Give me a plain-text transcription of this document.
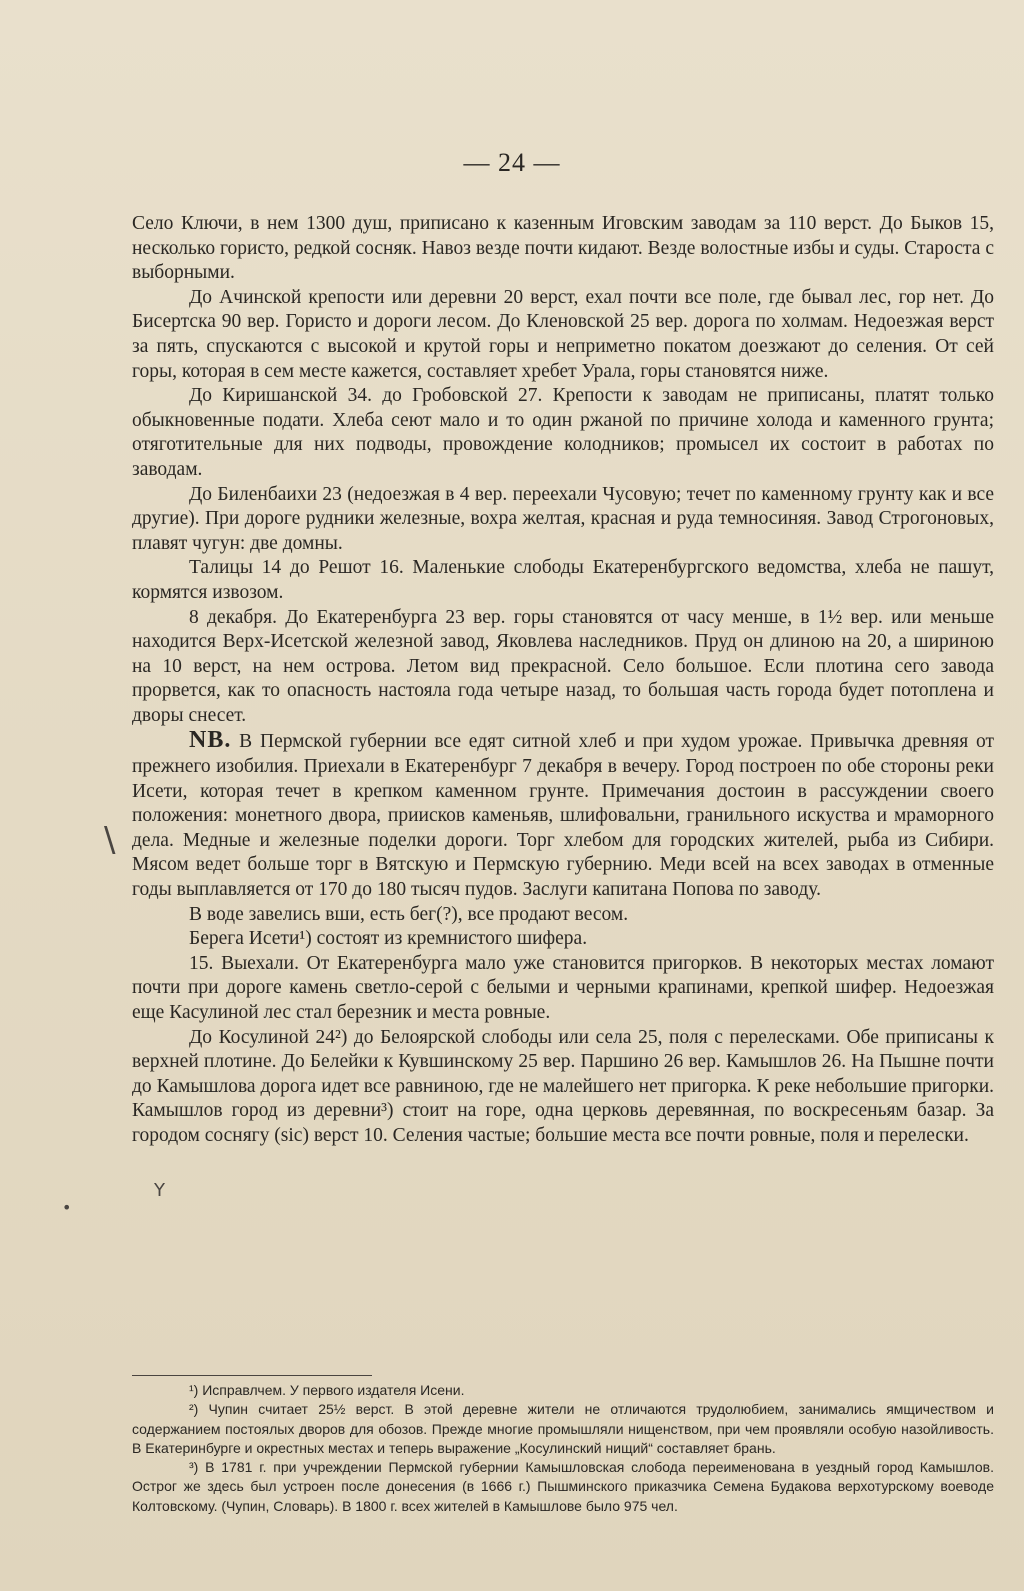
— 24 —

Село Ключи, в нем 1300 душ, приписано к казенным Иговским заводам за 110 верст. До Быков 15, несколько гористо, редкой сосняк. Навоз везде почти кидают. Везде волостные избы и суды. Староста с выборными.

До Ачинской крепости или деревни 20 верст, ехал почти все поле, где бывал лес, гор нет. До Бисертска 90 вер. Гористо и дороги лесом. До Кленовской 25 вер. дорога по холмам. Недоезжая верст за пять, спускаются с высокой и крутой горы и неприметно покатом доезжают до селения. От сей горы, которая в сем месте кажется, составляет хребет Урала, горы становятся ниже.

До Киришанской 34. до Гробовской 27. Крепости к заводам не приписаны, платят только обыкновенные подати. Хлеба сеют мало и то один ржаной по причине холода и каменного грунта; отяготительные для них подводы, провождение колодников; промысел их состоит в работах по заводам.

До Биленбаихи 23 (недоезжая в 4 вер. переехали Чусовую; течет по каменному грунту как и все другие). При дороге рудники железные, вохра желтая, красная и руда темносиняя. Завод Строгоновых, плавят чугун: две домны.

Талицы 14 до Решот 16. Маленькие слободы Екатеренбургского ведомства, хлеба не пашут, кормятся извозом.

8 декабря. До Екатеренбурга 23 вер. горы становятся от часу менше, в 1½ вер. или меньше находится Верх-Исетской железной завод, Яковлева наследников. Пруд он длиною на 20, а шириною на 10 верст, на нем острова. Летом вид прекрасной. Село большое. Если плотина сего завода прорвется, как то опасность настояла года четыре назад, то большая часть города будет потоплена и дворы снесет.

NB. В Пермской губернии все едят ситной хлеб и при худом урожае. Привычка древняя от прежнего изобилия. Приехали в Екатеренбург 7 декабря в вечеру. Город построен по обе стороны реки Исети, которая течет в крепком каменном грунте. Примечания достоин в рассуждении своего положения: монетного двора, приисков каменьяв, шлифовальни, гранильного искуства и мраморного дела. Медные и железные поделки дороги. Торг хлебом для городских жителей, рыба из Сибири. Мясом ведет больше торг в Вятскую и Пермскую губернию. Меди всей на всех заводах в отменные годы выплавляется от 170 до 180 тысяч пудов. Заслуги капитана Попова по заводу.

В воде завелись вши, есть бег(?), все продают весом.

Берега Исети¹) состоят из кремнистого шифера.

15. Выехали. От Екатеренбурга мало уже становится пригорков. В некоторых местах ломают почти при дороге камень светло-серой с белыми и черными крапинами, крепкой шифер. Недоезжая еще Касулиной лес стал березник и места ровные.

До Косулиной 24²) до Белоярской слободы или села 25, поля с перелесками. Обе приписаны к верхней плотине. До Белейки к Кувшинскому 25 вер. Паршино 26 вер. Камышлов 26. На Пышне почти до Камышлова дорога идет все равниною, где не малейшего нет пригорка. К реке небольшие пригорки. Камышлов город из деревни³) стоит на горе, одна церковь деревянная, по воскресеньям базар. За городом соснягу (sic) верст 10. Селения частые; большие места все почти ровные, поля и перелески.

¹) Исправлчем. У первого издателя Исени.

²) Чупин считает 25½ верст. В этой деревне жители не отличаются трудолюбием, занимались ямщичеством и содержанием постоялых дворов для обозов. Прежде многие промышляли нищенством, при чем проявляли особую назойливость. В Екатеринбурге и окрестных местах и теперь выражение „Косулинский нищий“ составляет брань.

³) В 1781 г. при учреждении Пермской губернии Камышловская слобода переименована в уездный город Камышлов. Острог же здесь был устроен после донесения (в 1666 г.) Пышминского приказчика Семена Будакова верхотурскому воеводе Колтовскому. (Чупин, Словарь). В 1800 г. всех жителей в Камышлове было 975 чел.

\
Y
•
